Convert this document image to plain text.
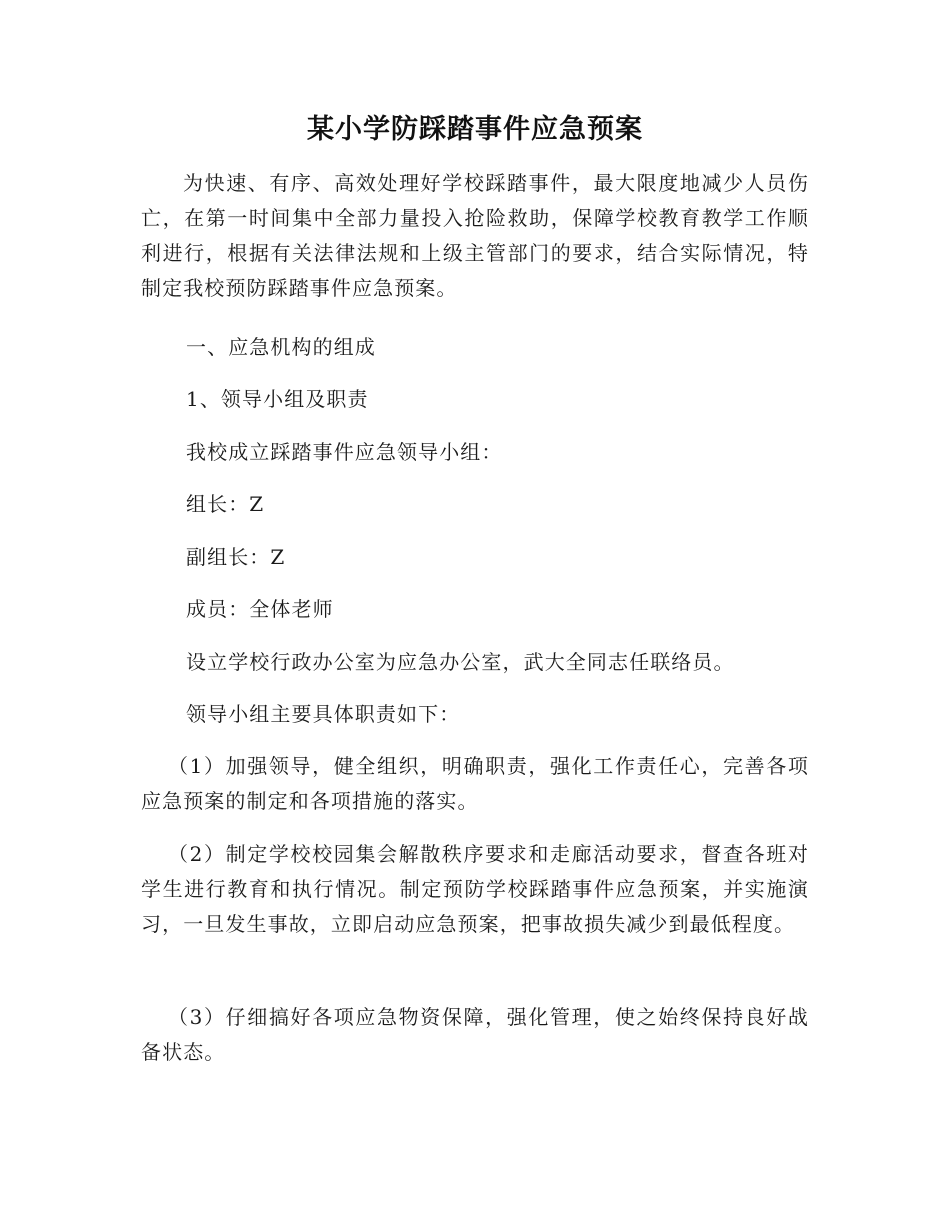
某小学防踩踏事件应急预案

为快速、有序、高效处理好学校踩踏事件，最大限度地减少人员伤亡，在第一时间集中全部力量投入抢险救助，保障学校教育教学工作顺利进行，根据有关法律法规和上级主管部门的要求，结合实际情况，特制定我校预防踩踏事件应急预案。

一、应急机构的组成

1、领导小组及职责

我校成立踩踏事件应急领导小组：

组长：Z

副组长：Z

成员：全体老师

设立学校行政办公室为应急办公室，武大全同志任联络员。

领导小组主要具体职责如下：

（1）加强领导，健全组织，明确职责，强化工作责任心，完善各项应急预案的制定和各项措施的落实。

（2）制定学校校园集会解散秩序要求和走廊活动要求，督查各班对学生进行教育和执行情况。制定预防学校踩踏事件应急预案，并实施演习，一旦发生事故，立即启动应急预案，把事故损失减少到最低程度。

（3）仔细搞好各项应急物资保障，强化管理，使之始终保持良好战备状态。
